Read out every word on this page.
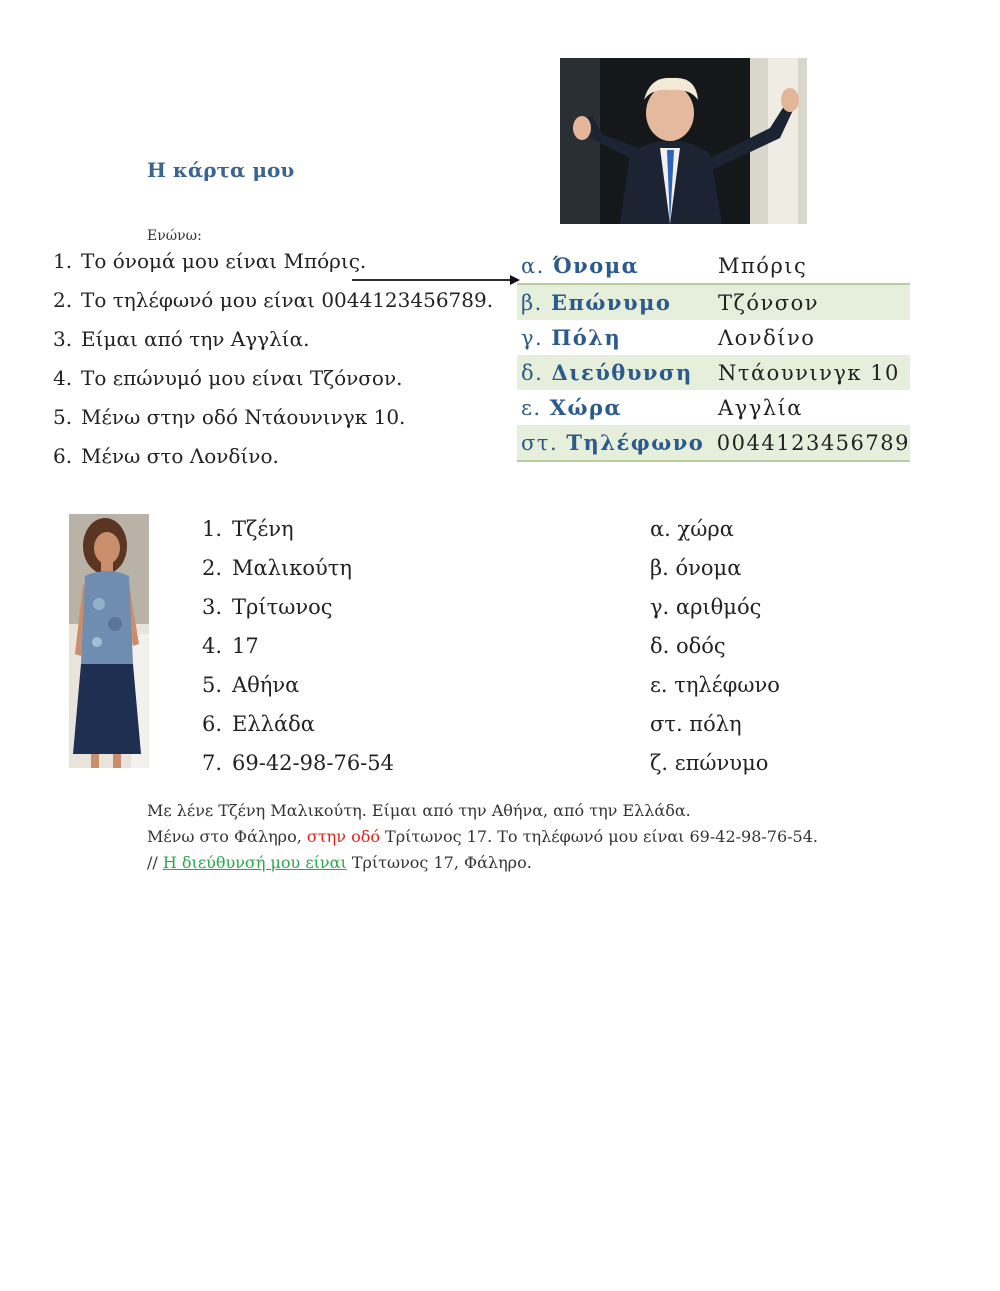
Η κάρτα μου
Ενώνω:
1. Το όνομά μου είναι Μπόρις.
2. Το τηλέφωνό μου είναι 0044123456789.
3. Είμαι από την Αγγλία.
4. Το επώνυμό μου είναι Τζόνσον.
5. Μένω στην οδό Ντάουνινγκ 10.
6. Μένω στο Λονδίνο.
α. Όνομα	Μπόρις
β. Επώνυμο	Τζόνσον
γ. Πόλη	Λονδίνο
δ. Διεύθυνση	Ντάουνινγκ 10
ε. Χώρα	Αγγλία
στ. Τηλέφωνο 0044123456789
1. Τζένη
2. Μαλικούτη
3. Τρίτωνος
4. 17
5. Αθήνα
6. Ελλάδα
7. 69-42-98-76-54
α. χώρα
β. όνομα
γ. αριθμός
δ. οδός
ε. τηλέφωνο
στ. πόλη
ζ. επώνυμο
Με λένε Τζένη Μαλικούτη. Είμαι από την Αθήνα, από την Ελλάδα.
Μένω στο Φάληρο, στην οδό Τρίτωνος 17. Το τηλέφωνό μου είναι 69-42-98-76-54.
// Η διεύθυνσή μου είναι Τρίτωνος 17, Φάληρο.
